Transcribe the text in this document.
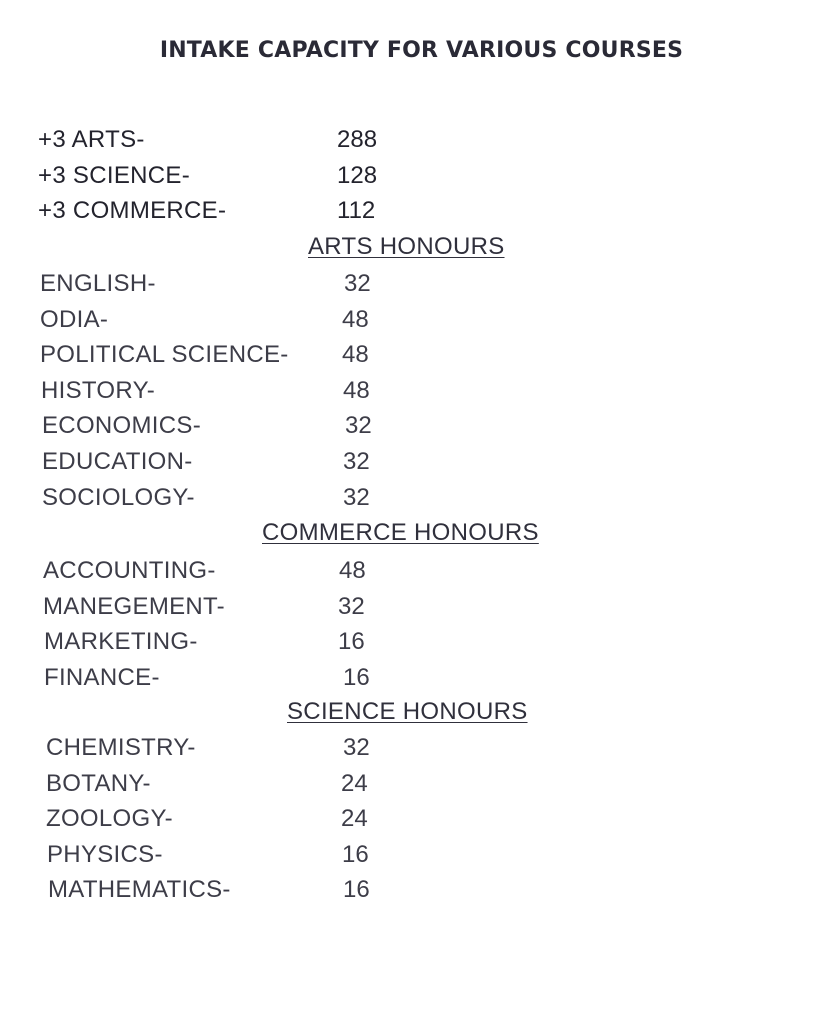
INTAKE CAPACITY FOR VARIOUS COURSES
+3 ARTS-	288
+3 SCIENCE-	128
+3 COMMERCE-	112
ARTS HONOURS
ENGLISH-	32
ODIA-	48
POLITICAL SCIENCE- 48
HISTORY-	48
ECONOMICS-	32
EDUCATION-	32
SOCIOLOGY-	32
COMMERCE HONOURS
ACCOUNTING-	48
MANEGEMENT-	32
MARKETING-	16
FINANCE-	16
SCIENCE HONOURS
CHEMISTRY-	32
BOTANY-	24
ZOOLOGY-	24
PHYSICS-	16
MATHEMATICS-	16
